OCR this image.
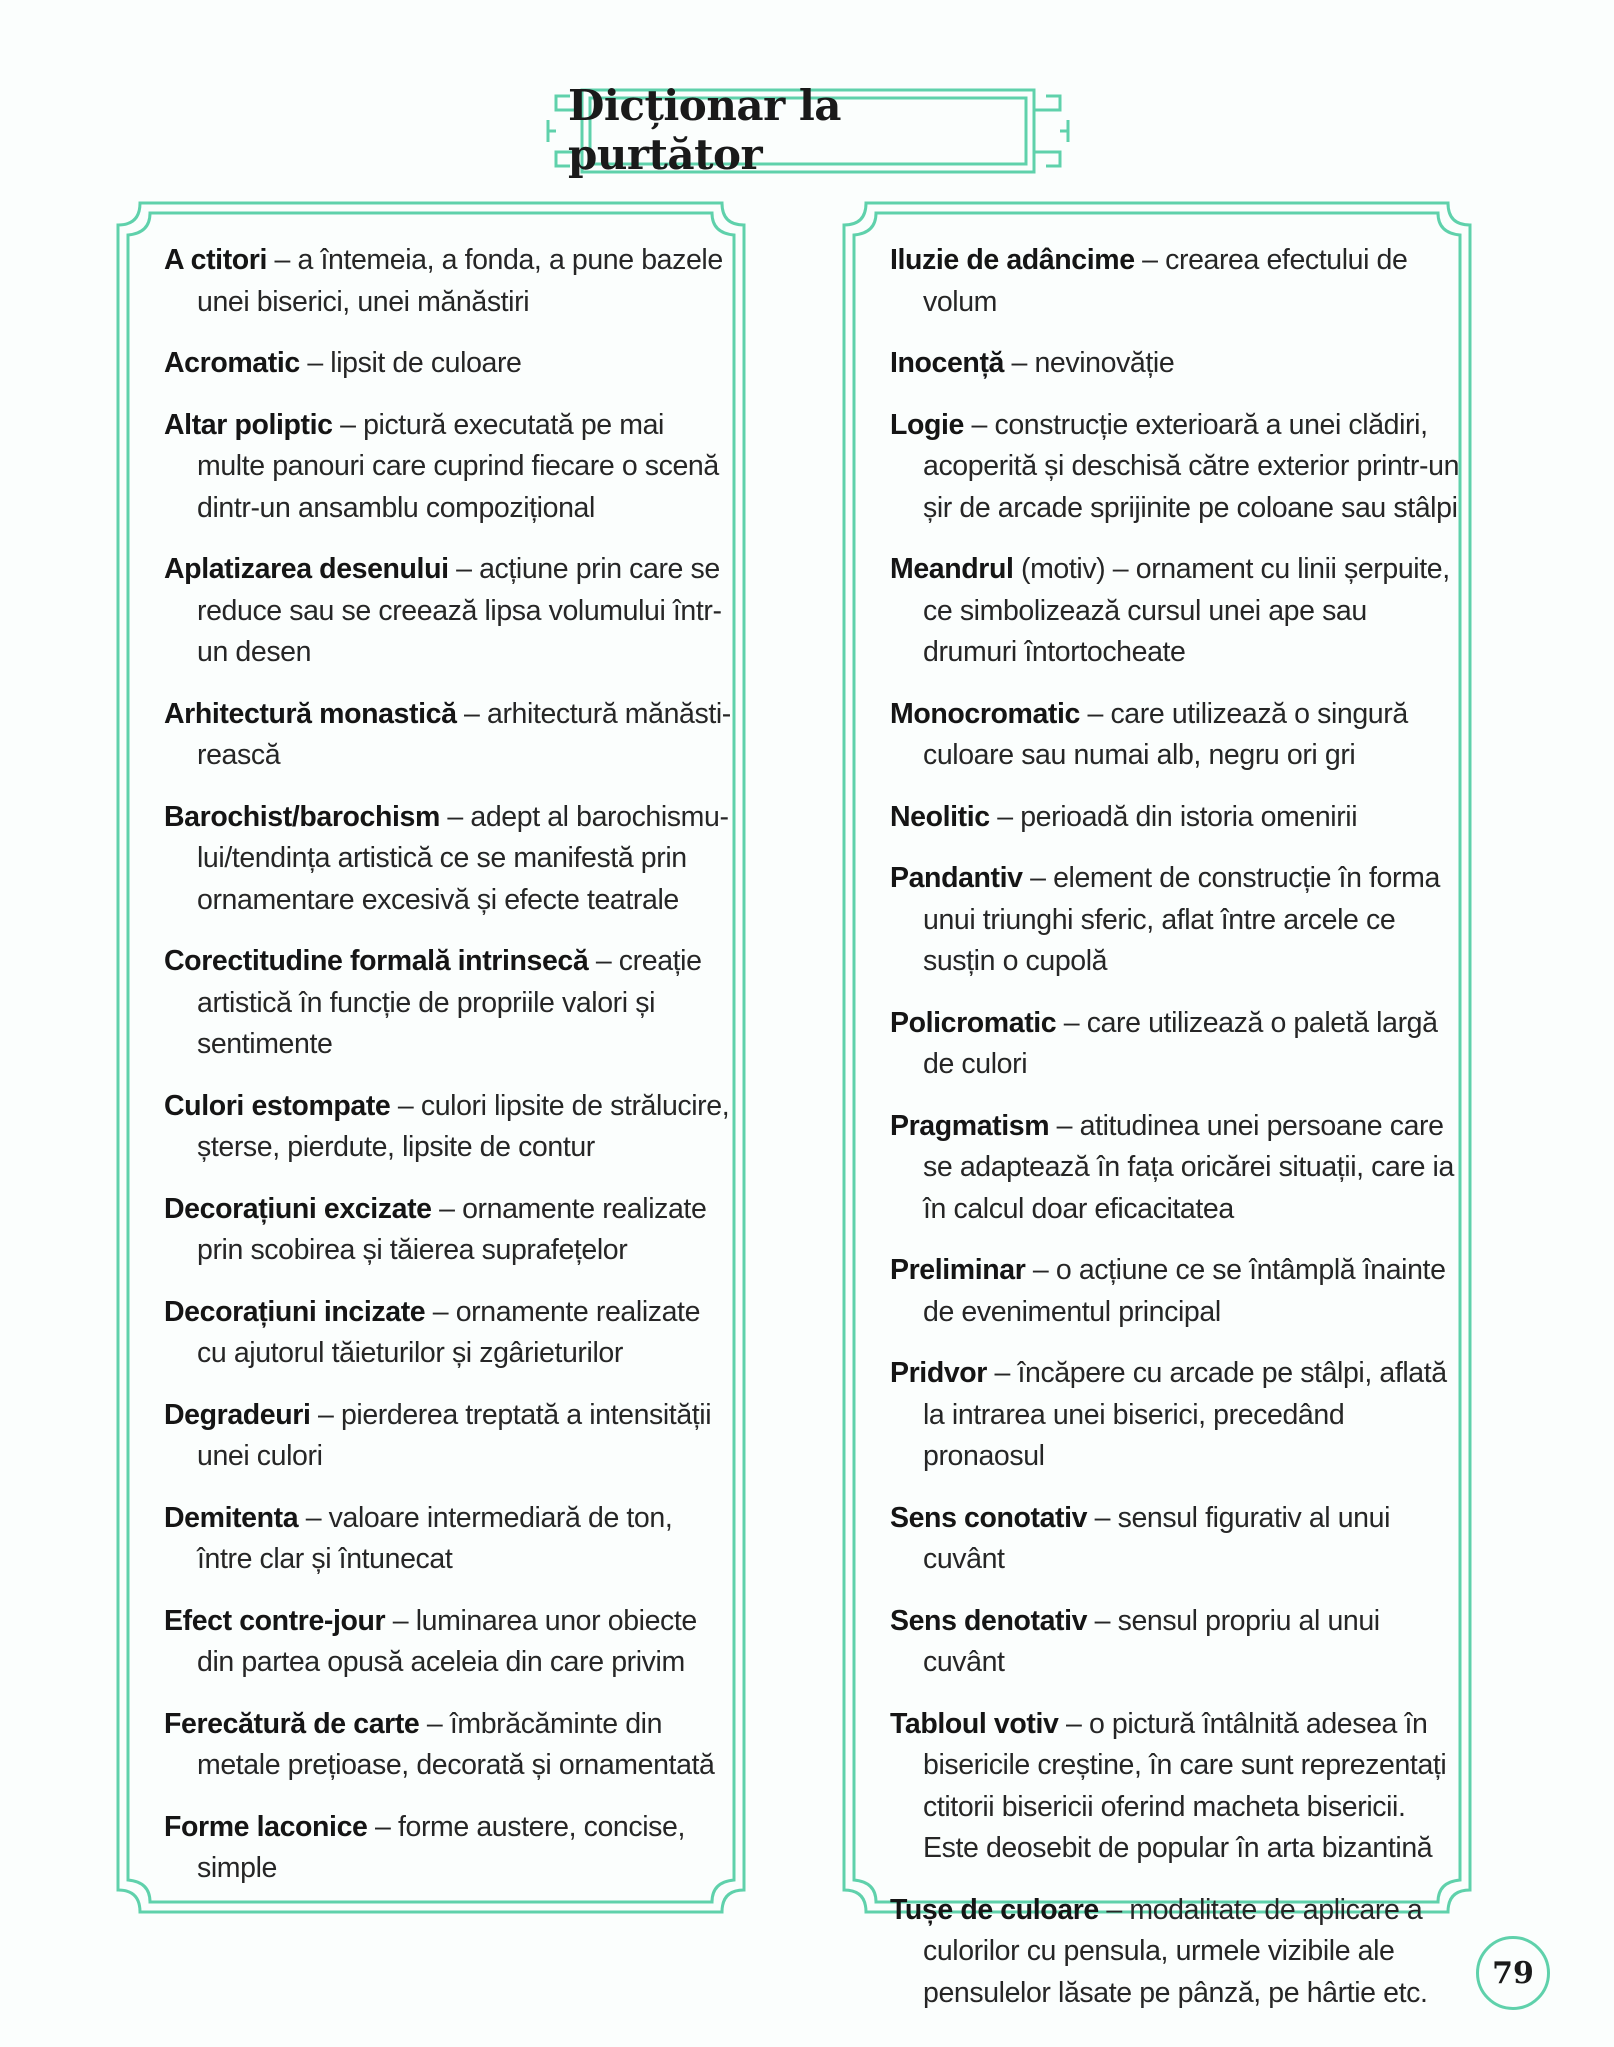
Dicționar la purtător
A ctitori – a întemeia, a fonda, a pune bazele unei biserici, unei mănăstiri
Acromatic – lipsit de culoare
Altar poliptic – pictură executată pe mai multe panouri care cuprind fiecare o scenă dintr-un ansamblu compozițional
Aplatizarea desenului – acțiune prin care se reduce sau se creează lipsa volumului într-un desen
Arhitectură monastică – arhitectură mănăsti-rească
Barochist/barochism – adept al barochismu-lui/tendința artistică ce se manifestă prin ornamentare excesivă și efecte teatrale
Corectitudine formală intrinsecă – creație artistică în funcție de propriile valori și sentimente
Culori estompate – culori lipsite de strălucire, șterse, pierdute, lipsite de contur
Decorațiuni excizate – ornamente realizate prin scobirea și tăierea suprafețelor
Decorațiuni incizate – ornamente realizate cu ajutorul tăieturilor și zgârieturilor
Degradeuri – pierderea treptată a intensității unei culori
Demitenta – valoare intermediară de ton, între clar și întunecat
Efect contre-jour – luminarea unor obiecte din partea opusă aceleia din care privim
Ferecătură de carte – îmbrăcăminte din metale prețioase, decorată și ornamentată
Forme laconice – forme austere, concise, simple
Iluzie de adâncime – crearea efectului de volum
Inocență – nevinovăție
Logie – construcție exterioară a unei clădiri, acoperită și deschisă către exterior printr-un șir de arcade sprijinite pe coloane sau stâlpi
Meandrul (motiv) – ornament cu linii șerpuite, ce simbolizează cursul unei ape sau drumuri întortocheate
Monocromatic – care utilizează o singură culoare sau numai alb, negru ori gri
Neolitic – perioadă din istoria omenirii
Pandantiv – element de construcție în forma unui triunghi sferic, aflat între arcele ce susțin o cupolă
Policromatic – care utilizează o paletă largă de culori
Pragmatism – atitudinea unei persoane care se adaptează în fața oricărei situații, care ia în calcul doar eficacitatea
Preliminar – o acțiune ce se întâmplă înainte de evenimentul principal
Pridvor – încăpere cu arcade pe stâlpi, aflată la intrarea unei biserici, precedând pronaosul
Sens conotativ – sensul figurativ al unui cuvânt
Sens denotativ – sensul propriu al unui cuvânt
Tabloul votiv – o pictură întâlnită adesea în bisericile creștine, în care sunt reprezentați ctitorii bisericii oferind macheta bisericii. Este deosebit de popular în arta bizantină
Tușe de culoare – modalitate de aplicare a culorilor cu pensula, urmele vizibile ale pensulelor lăsate pe pânză, pe hârtie etc.
79
